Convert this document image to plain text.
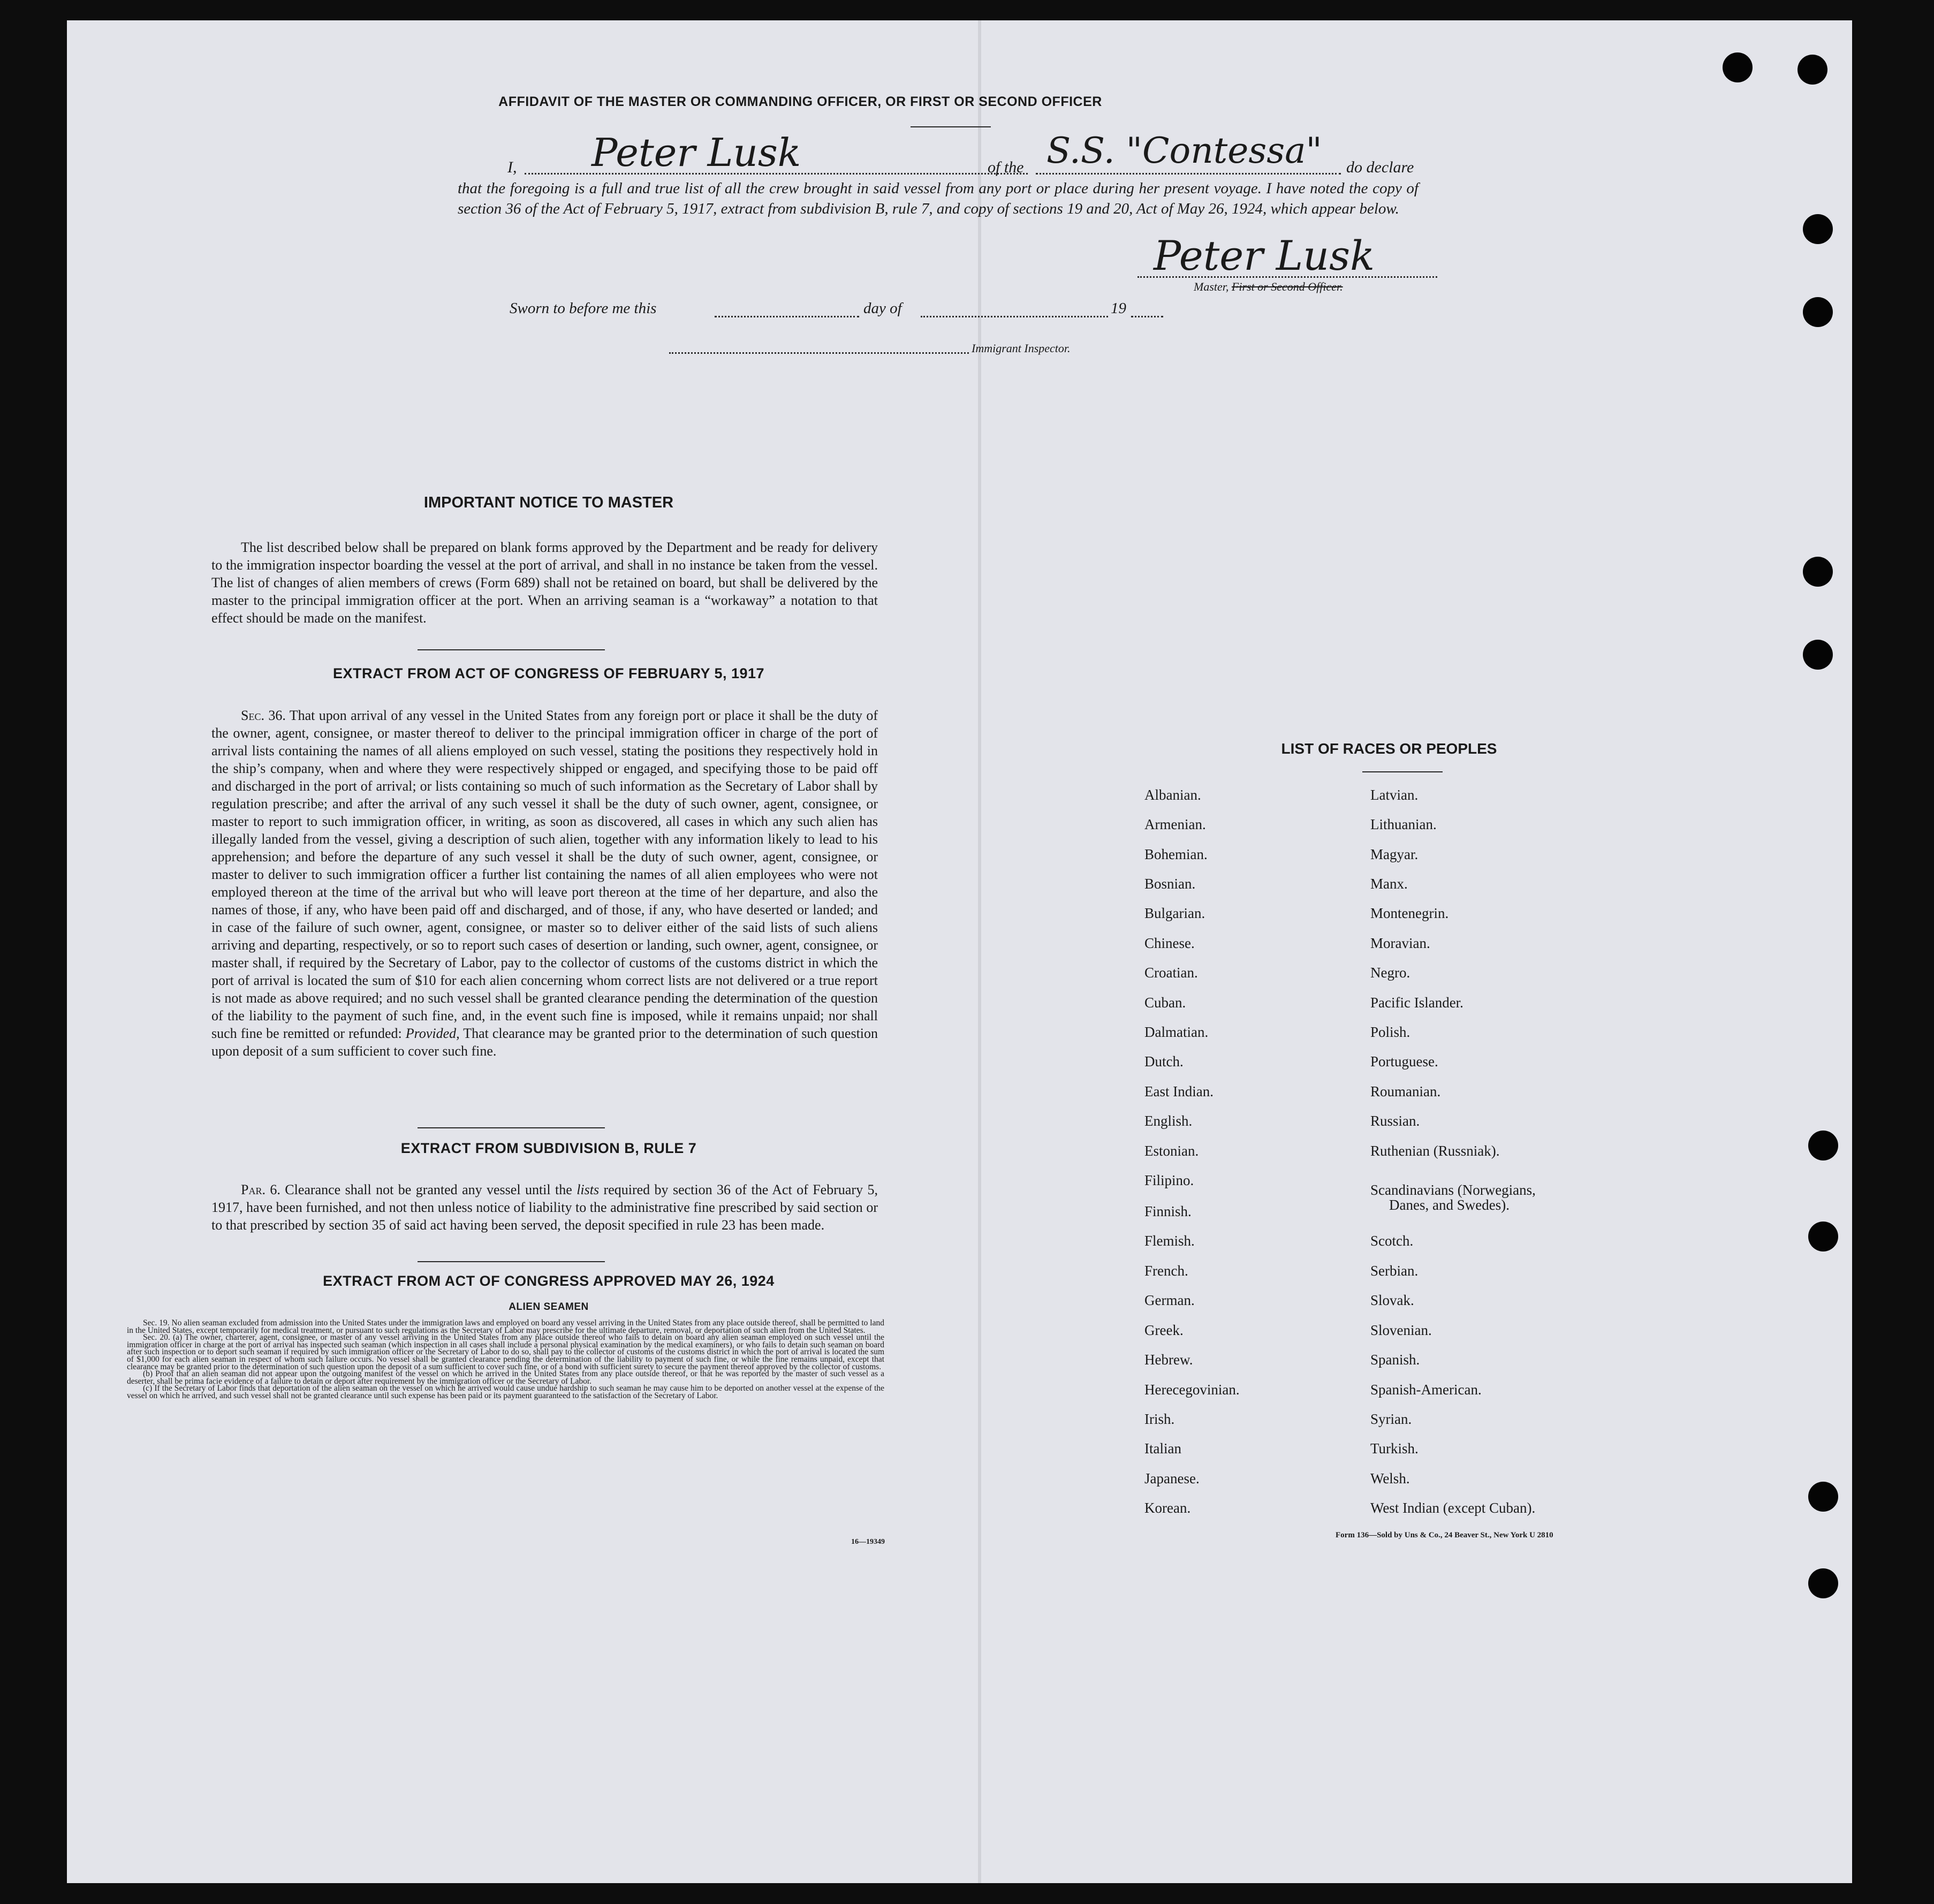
AFFIDAVIT OF THE MASTER OR COMMANDING OFFICER, OR FIRST OR SECOND OFFICER
I, Peter Lusk	of the S.S. "Contessa" do declare
that the foregoing is a full and true list of all the crew brought in said vessel from any port or place during her present voyage. I have noted the copy of section 36 of the Act of February 5, 1917, extract from subdivision B, rule 7, and copy of sections 19 and 20, Act of May 26, 1924, which appear below.
Peter Lusk
Master, First or Second Officer.
Sworn to before me this	day of	19
Immigrant Inspector.
IMPORTANT NOTICE TO MASTER
The list described below shall be prepared on blank forms approved by the Department and be ready for delivery to the immigration inspector boarding the vessel at the port of arrival, and shall in no instance be taken from the vessel. The list of changes of alien members of crews (Form 689) shall not be retained on board, but shall be delivered by the master to the principal immigration officer at the port. When an arriving seaman is a “workaway” a notation to that effect should be made on the manifest.
EXTRACT FROM ACT OF CONGRESS OF FEBRUARY 5, 1917
Sec. 36. That upon arrival of any vessel in the United States from any foreign port or place it shall be the duty of the owner, agent, consignee, or master thereof to deliver to the principal immigration officer in charge of the port of arrival lists containing the names of all aliens employed on such vessel, stating the positions they respectively hold in the ship’s company, when and where they were respectively shipped or engaged, and specifying those to be paid off and discharged in the port of arrival; or lists containing so much of such information as the Secretary of Labor shall by regulation prescribe; and after the arrival of any such vessel it shall be the duty of such owner, agent, consignee, or master to report to such immigration officer, in writing, as soon as discovered, all cases in which any such alien has illegally landed from the vessel, giving a description of such alien, together with any information likely to lead to his apprehension; and before the departure of any such vessel it shall be the duty of such owner, agent, consignee, or master to deliver to such immigration officer a further list containing the names of all alien employees who were not employed thereon at the time of the arrival but who will leave port thereon at the time of her departure, and also the names of those, if any, who have been paid off and discharged, and of those, if any, who have deserted or landed; and in case of the failure of such owner, agent, consignee, or master so to deliver either of the said lists of such aliens arriving and departing, respectively, or so to report such cases of desertion or landing, such owner, agent, consignee, or master shall, if required by the Secretary of Labor, pay to the collector of customs of the customs district in which the port of arrival is located the sum of $10 for each alien concerning whom correct lists are not delivered or a true report is not made as above required; and no such vessel shall be granted clearance pending the determination of the question of the liability to the payment of such fine, and, in the event such fine is imposed, while it remains unpaid; nor shall such fine be remitted or refunded: Provided, That clearance may be granted prior to the determination of such question upon deposit of a sum sufficient to cover such fine.
EXTRACT FROM SUBDIVISION B, RULE 7
Par. 6. Clearance shall not be granted any vessel until the lists required by section 36 of the Act of February 5, 1917, have been furnished, and not then unless notice of liability to the administrative fine prescribed by said section or to that prescribed by section 35 of said act having been served, the deposit specified in rule 23 has been made.
EXTRACT FROM ACT OF CONGRESS APPROVED MAY 26, 1924
ALIEN SEAMEN
Sec. 19. No alien seaman excluded from admission into the United States under the immigration laws and employed on board any vessel arriving in the United States from any place outside thereof, shall be permitted to land in the United States, except temporarily for medical treatment, or pursuant to such regulations as the Secretary of Labor may prescribe for the ultimate departure, removal, or deportation of such alien from the United States.
Sec. 20. (a) The owner, charterer, agent, consignee, or master of any vessel arriving in the United States from any place outside thereof who fails to detain on board any alien seaman employed on such vessel until the immigration officer in charge at the port of arrival has inspected such seaman (which inspection in all cases shall include a personal physical examination by the medical examiners), or who fails to detain such seaman on board after such inspection or to deport such seaman if required by such immigration officer or the Secretary of Labor to do so, shall pay to the collector of customs of the customs district in which the port of arrival is located the sum of $1,000 for each alien seaman in respect of whom such failure occurs. No vessel shall be granted clearance pending the determination of the liability to payment of such fine, or while the fine remains unpaid, except that clearance may be granted prior to the determination of such question upon the deposit of a sum sufficient to cover such fine, or of a bond with sufficient surety to secure the payment thereof approved by the collector of customs.
(b) Proof that an alien seaman did not appear upon the outgoing manifest of the vessel on which he arrived in the United States from any place outside thereof, or that he was reported by the master of such vessel as a deserter, shall be prima facie evidence of a failure to detain or deport after requirement by the immigration officer or the Secretary of Labor.
(c) If the Secretary of Labor finds that deportation of the alien seaman on the vessel on which he arrived would cause undue hardship to such seaman he may cause him to be deported on another vessel at the expense of the vessel on which he arrived, and such vessel shall not be granted clearance until such expense has been paid or its payment guaranteed to the satisfaction of the Secretary of Labor.
16—19349
LIST OF RACES OR PEOPLES
Albanian.
Armenian.
Bohemian.
Bosnian.
Bulgarian.
Chinese.
Croatian.
Cuban.
Dalmatian.
Dutch.
East Indian.
English.
Estonian.
Filipino.
Finnish.
Flemish.
French.
German.
Greek.
Hebrew.
Herecegovinian.
Irish.
Italian
Japanese.
Korean.
Latvian.
Lithuanian.
Magyar.
Manx.
Montenegrin.
Moravian.
Negro.
Pacific Islander.
Polish.
Portuguese.
Roumanian.
Russian.
Ruthenian (Russniak).
Scandinavians (Norwegians,
Danes, and Swedes).
Scotch.
Serbian.
Slovak.
Slovenian.
Spanish.
Spanish-American.
Syrian.
Turkish.
Welsh.
West Indian (except Cuban).
Form 136—Sold by Uns & Co., 24 Beaver St., New York U 2810
